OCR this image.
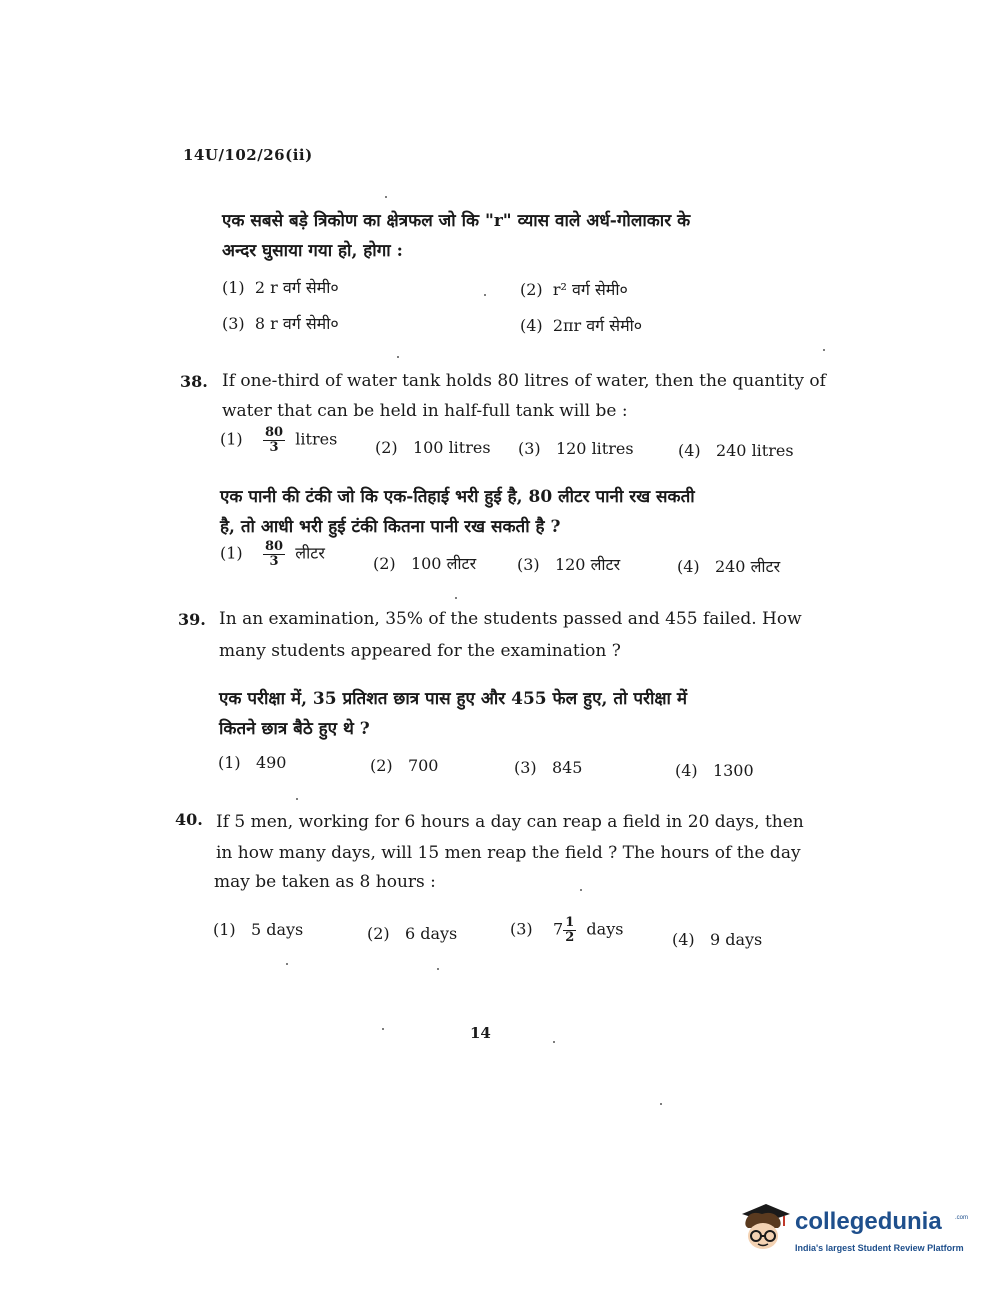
14U/102/26(ii)
एक सबसे बड़े त्रिकोण का क्षेत्रफल जो कि "r" व्यास वाले अर्ध-गोलाकार के
अन्दर घुसाया गया हो, होगा :
(1) 2 r वर्ग सेमी०	(2) r² वर्ग सेमी०
(3) 8 r वर्ग सेमी०	(4) 2πr वर्ग सेमी०
38. If one-third of water tank holds 80 litres of water, then the quantity of
water that can be held in half-full tank will be :
$(1) \frac{80}{3}$ litres (2) 100 litres (3) 120 litres	(4) 240 litres
एक पानी की टंकी जो कि एक-तिहाई भरी हुई है, 80 लीटर पानी रख सकती
है, तो आधी भरी हुई टंकी कितना पानी रख सकती है ?
$(1) \frac{80}{3}$ लीटर
(2) 100 लीटर	(3) 120 लीटर	(4) 240 लीटर
39. In an examination, 35% of the students passed and 455 failed. How
many students appeared for the examination ?
एक परीक्षा में, 35 प्रतिशत छात्र पास हुए और 455 फेल हुए, तो परीक्षा में
कितने छात्र बैठे हुए थे ?
(1) 490	(2) 700	(3) 845	(4) 1300
40. If 5 men, working for 6 hours a day can reap a field in 20 days, then
in how many days, will 15 men reap the field ? The hours of the day
may be taken as 8 hours :
(1) 5 days	(2) 6 days	(3) $7 \frac{1}{2}$ days
(4) 9 days
14
collegedunia .com
India's largest Student Review Platform
